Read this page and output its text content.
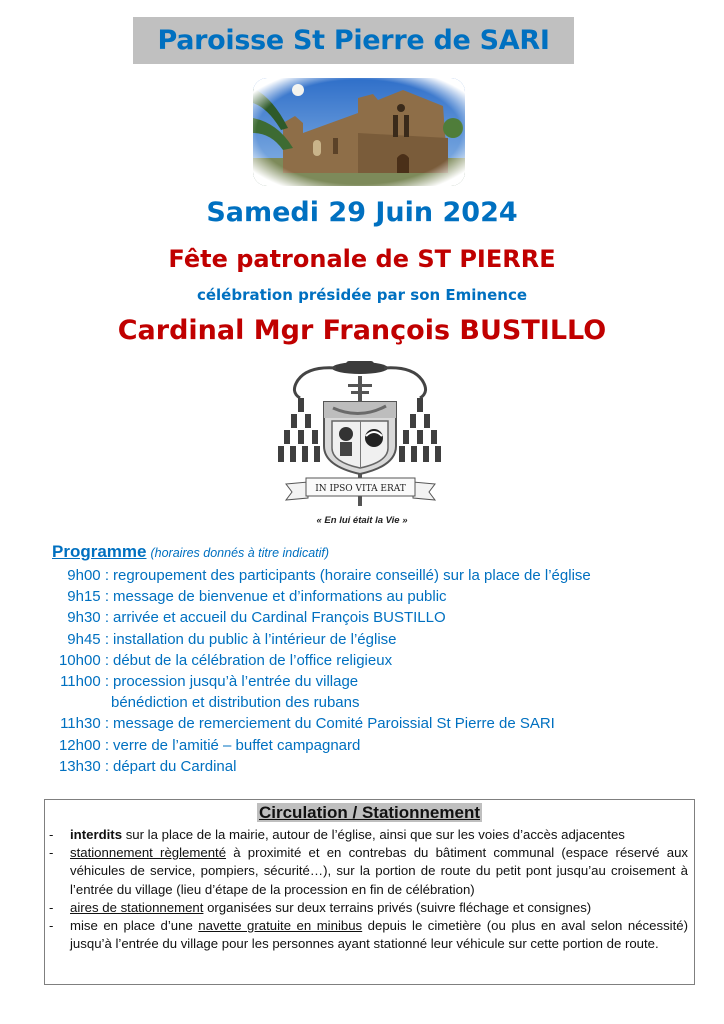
Paroisse St Pierre de SARI
Samedi 29 Juin 2024
Fête patronale de ST PIERRE
célébration présidée par son Eminence
Cardinal Mgr François BUSTILLO
IN IPSO VITA ERAT
« En lui était la Vie »
Programme (horaires donnés à titre indicatif)
9h00 : regroupement des participants (horaire conseillé) sur la place de l’église
9h15 : message de bienvenue et d’informations au public
9h30 : arrivée et accueil du Cardinal François BUSTILLO
9h45 : installation du public à l’intérieur de l’église
10h00 : début de la célébration de l’office religieux
11h00 : procession jusqu’à l’entrée du village
bénédiction et distribution des rubans
11h30 : message de remerciement du Comité Paroissial St Pierre de SARI
12h00 : verre de l’amitié – buffet campagnard
13h30 : départ du Cardinal
Circulation / Stationnement
-	interdits sur la place de la mairie, autour de l’église, ainsi que sur les voies d’accès adjacentes
-	stationnement règlementé à proximité et en contrebas du bâtiment communal (espace réservé aux véhicules de service, pompiers, sécurité…), sur la portion de route du petit pont jusqu’au croisement à l’entrée du village (lieu d’étape de la procession en fin de célébration)
-	aires de stationnement organisées sur deux terrains privés (suivre fléchage et consignes)
-	mise en place d’une navette gratuite en minibus depuis le cimetière (ou plus en aval selon nécessité) jusqu’à l’entrée du village pour les personnes ayant stationné leur véhicule sur cette portion de route.
